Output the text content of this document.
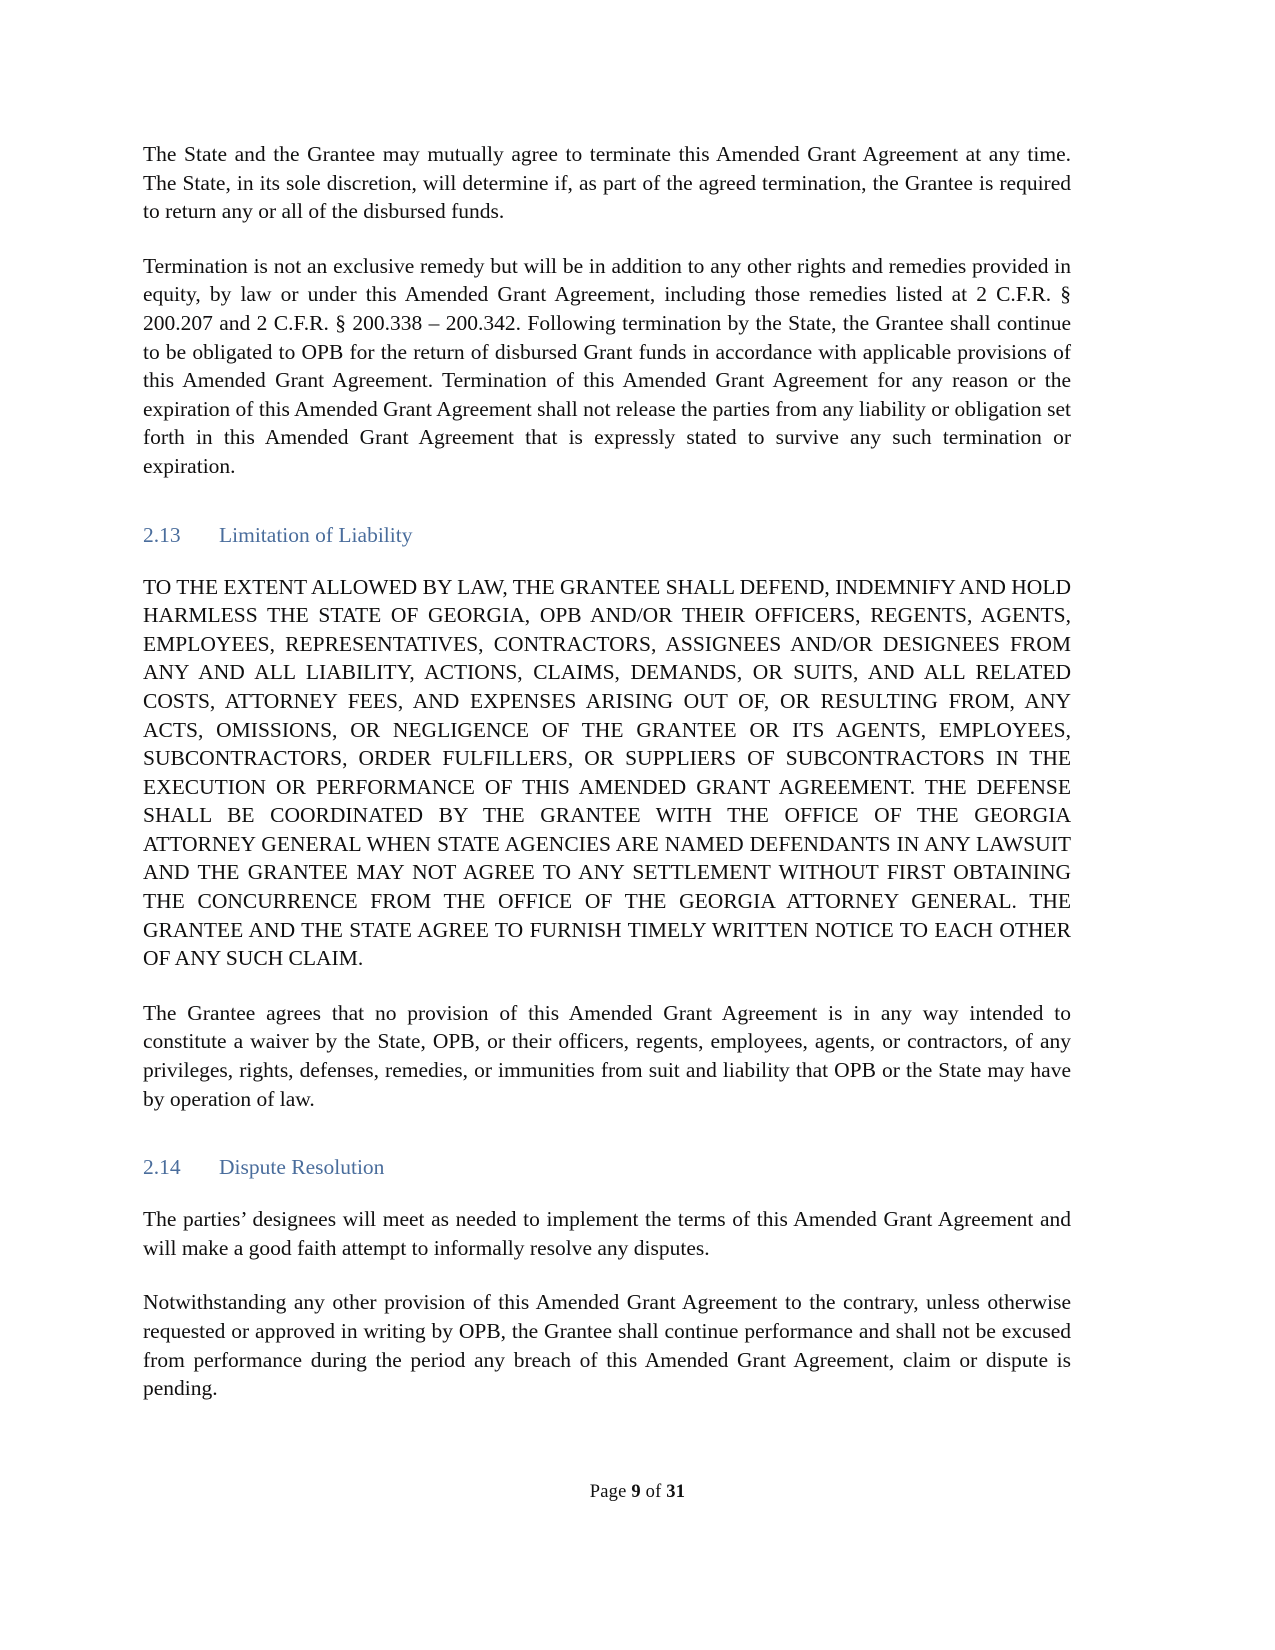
The State and the Grantee may mutually agree to terminate this Amended Grant Agreement at any time. The State, in its sole discretion, will determine if, as part of the agreed termination, the Grantee is required to return any or all of the disbursed funds.

Termination is not an exclusive remedy but will be in addition to any other rights and remedies provided in equity, by law or under this Amended Grant Agreement, including those remedies listed at 2 C.F.R. § 200.207 and 2 C.F.R. § 200.338 – 200.342. Following termination by the State, the Grantee shall continue to be obligated to OPB for the return of disbursed Grant funds in accordance with applicable provisions of this Amended Grant Agreement. Termination of this Amended Grant Agreement for any reason or the expiration of this Amended Grant Agreement shall not release the parties from any liability or obligation set forth in this Amended Grant Agreement that is expressly stated to survive any such termination or expiration.

2.13 Limitation of Liability

TO THE EXTENT ALLOWED BY LAW, THE GRANTEE SHALL DEFEND, INDEMNIFY AND HOLD HARMLESS THE STATE OF GEORGIA, OPB AND/OR THEIR OFFICERS, REGENTS, AGENTS, EMPLOYEES, REPRESENTATIVES, CONTRACTORS, ASSIGNEES AND/OR DESIGNEES FROM ANY AND ALL LIABILITY, ACTIONS, CLAIMS, DEMANDS, OR SUITS, AND ALL RELATED COSTS, ATTORNEY FEES, AND EXPENSES ARISING OUT OF, OR RESULTING FROM, ANY ACTS, OMISSIONS, OR NEGLIGENCE OF THE GRANTEE OR ITS AGENTS, EMPLOYEES, SUBCONTRACTORS, ORDER FULFILLERS, OR SUPPLIERS OF SUBCONTRACTORS IN THE EXECUTION OR PERFORMANCE OF THIS AMENDED GRANT AGREEMENT. THE DEFENSE SHALL BE COORDINATED BY THE GRANTEE WITH THE OFFICE OF THE GEORGIA ATTORNEY GENERAL WHEN STATE AGENCIES ARE NAMED DEFENDANTS IN ANY LAWSUIT AND THE GRANTEE MAY NOT AGREE TO ANY SETTLEMENT WITHOUT FIRST OBTAINING THE CONCURRENCE FROM THE OFFICE OF THE GEORGIA ATTORNEY GENERAL. THE GRANTEE AND THE STATE AGREE TO FURNISH TIMELY WRITTEN NOTICE TO EACH OTHER OF ANY SUCH CLAIM.

The Grantee agrees that no provision of this Amended Grant Agreement is in any way intended to constitute a waiver by the State, OPB, or their officers, regents, employees, agents, or contractors, of any privileges, rights, defenses, remedies, or immunities from suit and liability that OPB or the State may have by operation of law.

2.14 Dispute Resolution

The parties’ designees will meet as needed to implement the terms of this Amended Grant Agreement and will make a good faith attempt to informally resolve any disputes.

Notwithstanding any other provision of this Amended Grant Agreement to the contrary, unless otherwise requested or approved in writing by OPB, the Grantee shall continue performance and shall not be excused from performance during the period any breach of this Amended Grant Agreement, claim or dispute is pending.

Page 9 of 31
